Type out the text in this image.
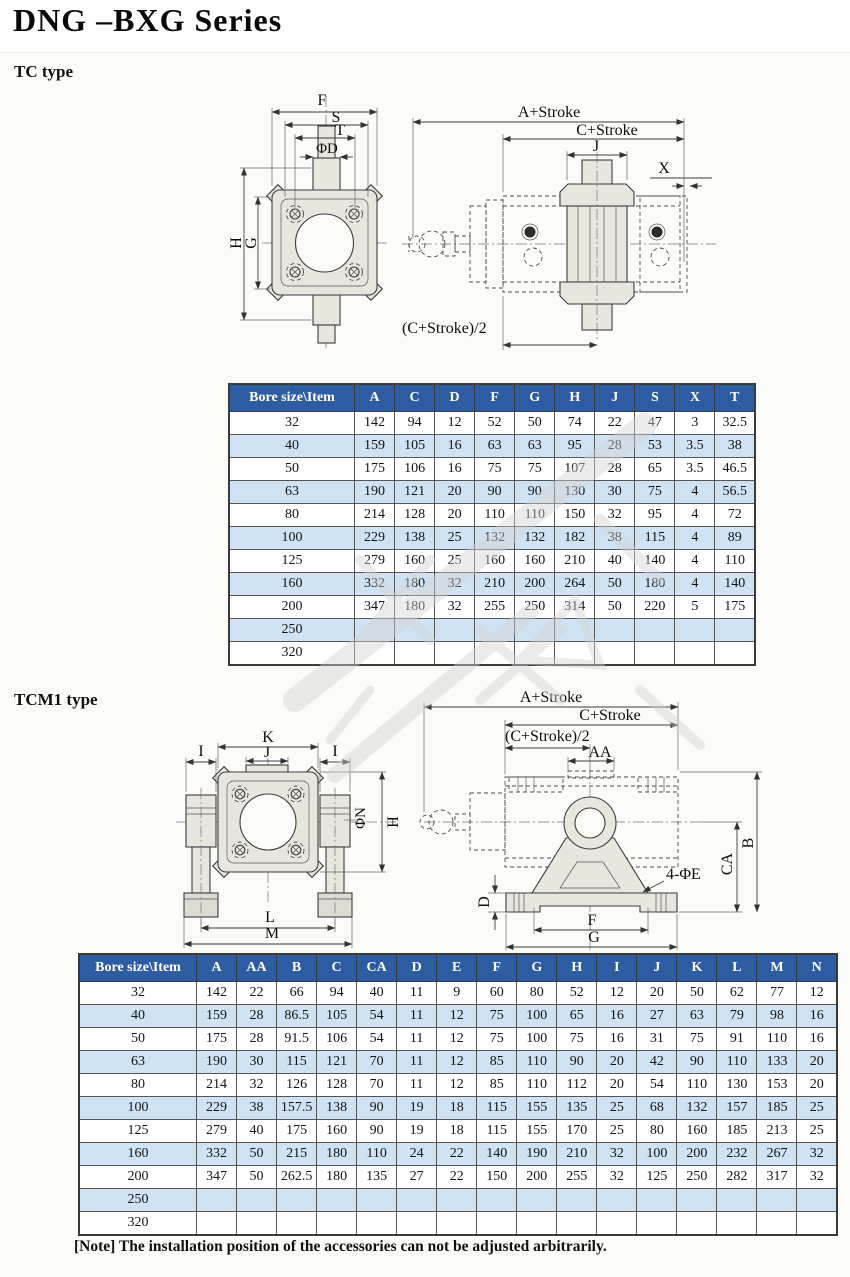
DNG –BXG Series
TC type
TCM1 type
F
S
T
ΦD
H
G
A+Stroke
C+Stroke
J
X
(C+Stroke)/2
K
J
I	I
ΦN H
L
M
A+Stroke
C+Stroke
(C+Stroke)/2
AA
4-ΦE CA
B
D
F
G
Bore size\Item	A	C	D	F	G	H	J	S	X	T
32	142	94	12	52	50	74	22	47	3	32.5
40	159	105	16	63	63	95	28	53	3.5	38
50	175	106	16	75	75	107	28	65	3.5	46.5
63	190	121	20	90	90	130	30	75	4	56.5
80	214	128	20	110	110	150	32	95	4	72
100	229	138	25	132	132	182	38	115	4	89
125	279	160	25	160	160	210	40	140	4	110
160	332	180	32	210	200	264	50	180	4	140
200	347	180	32	255	250	314	50	220	5	175
250										
320										
Bore size\Item	A	AA	B	C	CA	D	E	F	G	H	I	J	K	L	M	N
32	142	22	66	94	40	11	9	60	80	52	12	20	50	62	77	12
40	159	28	86.5	105	54	11	12	75	100	65	16	27	63	79	98	16
50	175	28	91.5	106	54	11	12	75	100	75	16	31	75	91	110	16
63	190	30	115	121	70	11	12	85	110	90	20	42	90	110	133	20
80	214	32	126	128	70	11	12	85	110	112	20	54	110	130	153	20
100	229	38	157.5	138	90	19	18	115	155	135	25	68	132	157	185	25
125	279	40	175	160	90	19	18	115	155	170	25	80	160	185	213	25
160	332	50	215	180	110	24	22	140	190	210	32	100	200	232	267	32
200	347	50	262.5	180	135	27	22	150	200	255	32	125	250	282	317	32
250																
320																

[Note] The installation position of the accessories can not be adjusted arbitrarily.
